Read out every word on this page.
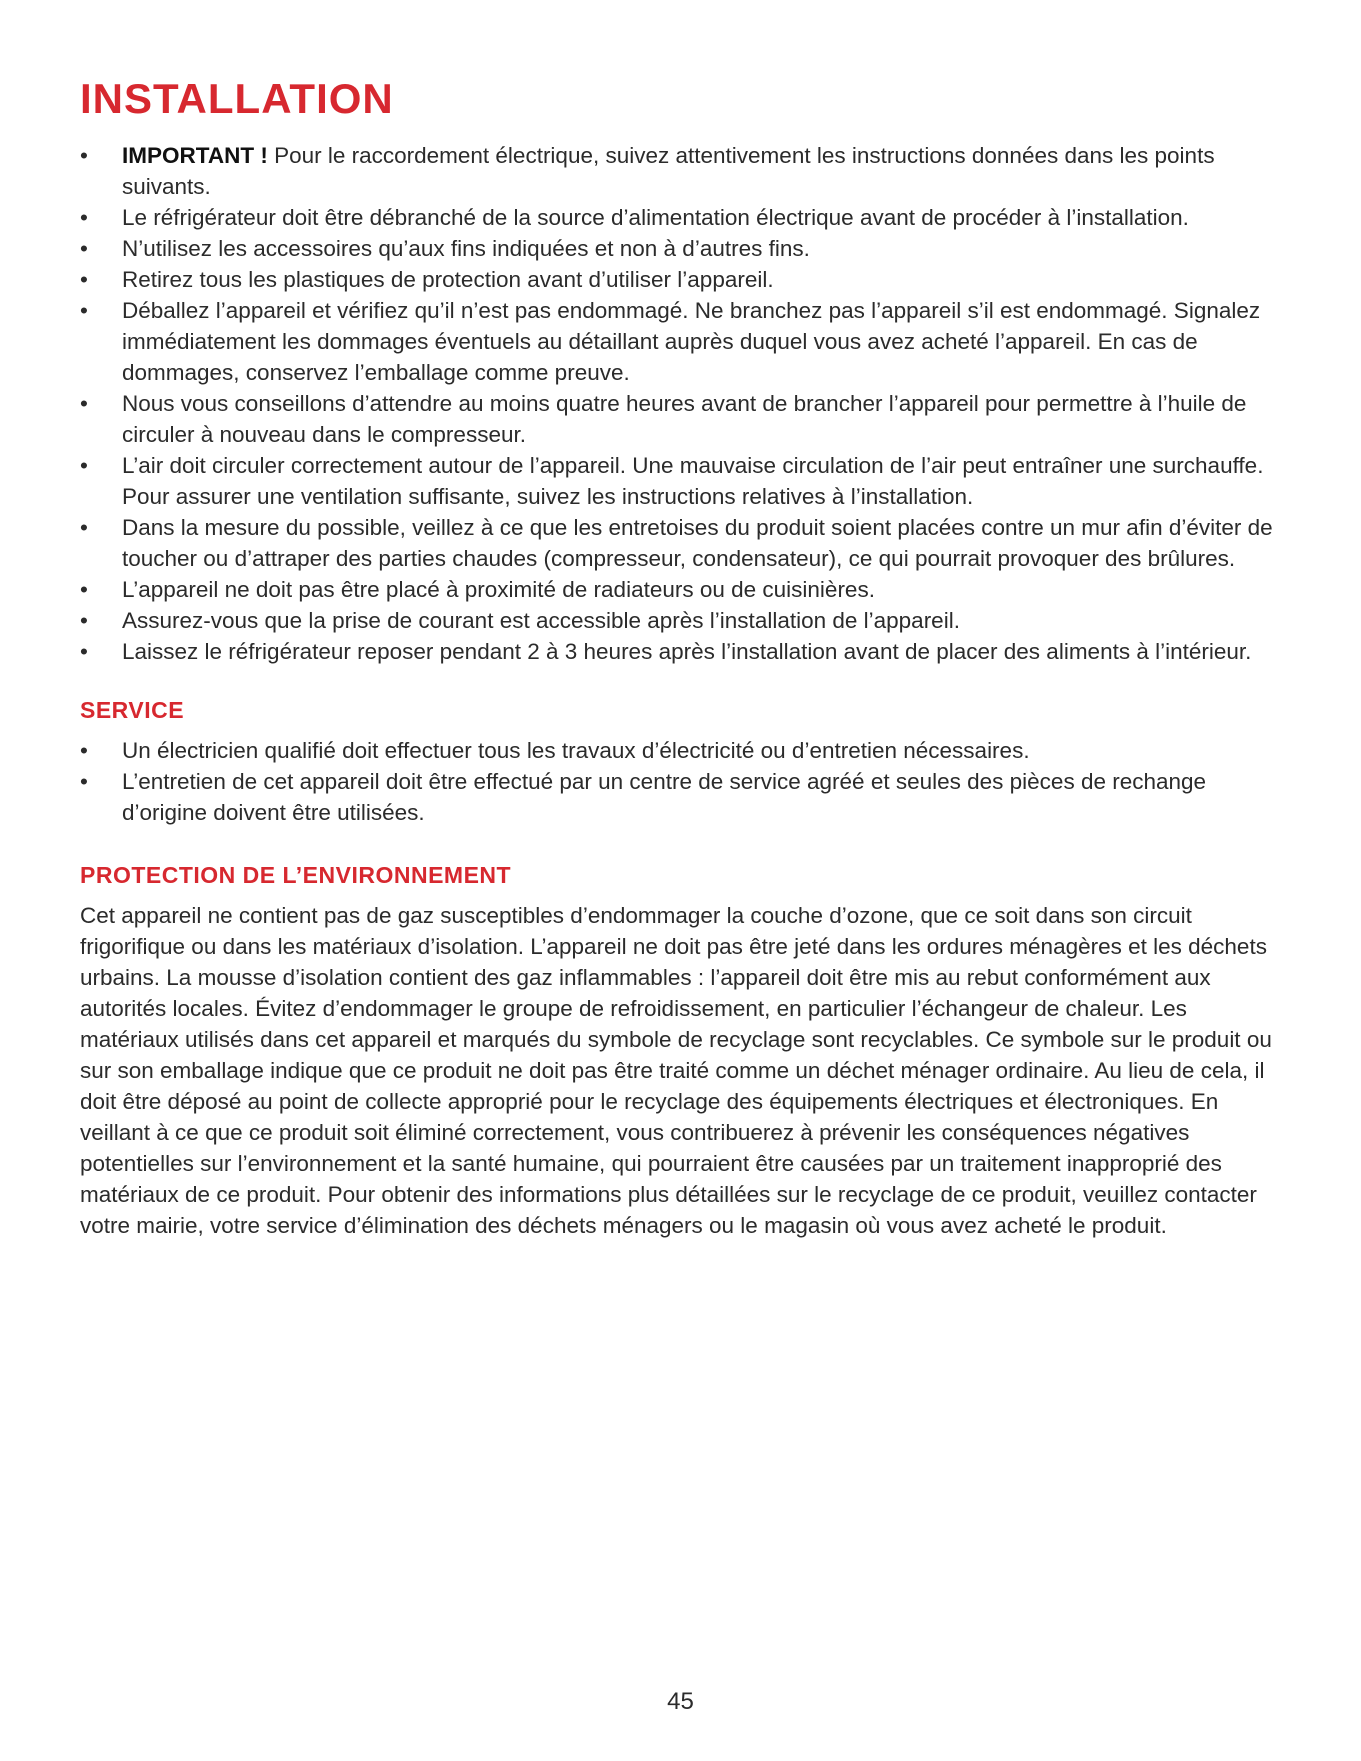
INSTALLATION
• IMPORTANT ! Pour le raccordement électrique, suivez attentivement les instructions données dans les points suivants.
• Le réfrigérateur doit être débranché de la source d’alimentation électrique avant de procéder à l’installation.
• N’utilisez les accessoires qu’aux fins indiquées et non à d’autres fins.
• Retirez tous les plastiques de protection avant d’utiliser l’appareil.
• Déballez l’appareil et vérifiez qu’il n’est pas endommagé. Ne branchez pas l’appareil s’il est endommagé. Signalez immédiatement les dommages éventuels au détaillant auprès duquel vous avez acheté l’appareil. En cas de dommages, conservez l’emballage comme preuve.
• Nous vous conseillons d’attendre au moins quatre heures avant de brancher l’appareil pour permettre à l’huile de circuler à nouveau dans le compresseur.
• L’air doit circuler correctement autour de l’appareil. Une mauvaise circulation de l’air peut entraîner une surchauffe. Pour assurer une ventilation suffisante, suivez les instructions relatives à l’installation.
• Dans la mesure du possible, veillez à ce que les entretoises du produit soient placées contre un mur afin d’éviter de toucher ou d’attraper des parties chaudes (compresseur, condensateur), ce qui pourrait provoquer des brûlures.
• L’appareil ne doit pas être placé à proximité de radiateurs ou de cuisinières.
• Assurez-vous que la prise de courant est accessible après l’installation de l’appareil.
• Laissez le réfrigérateur reposer pendant 2 à 3 heures après l’installation avant de placer des aliments à l’intérieur.
SERVICE
• Un électricien qualifié doit effectuer tous les travaux d’électricité ou d’entretien nécessaires.
• L’entretien de cet appareil doit être effectué par un centre de service agréé et seules des pièces de rechange d’origine doivent être utilisées.
PROTECTION DE L’ENVIRONNEMENT

Cet appareil ne contient pas de gaz susceptibles d’endommager la couche d’ozone, que ce soit dans son circuit frigorifique ou dans les matériaux d’isolation. L’appareil ne doit pas être jeté dans les ordures ménagères et les déchets urbains. La mousse d’isolation contient des gaz inflammables : l’appareil doit être mis au rebut conformément aux autorités locales. Évitez d’endommager le groupe de refroidissement, en particulier l’échangeur de chaleur. Les matériaux utilisés dans cet appareil et marqués du symbole de recyclage sont recyclables. Ce symbole sur le produit ou sur son emballage indique que ce produit ne doit pas être traité comme un déchet ménager ordinaire. Au lieu de cela, il doit être déposé au point de collecte approprié pour le recyclage des équipements électriques et électroniques. En veillant à ce que ce produit soit éliminé correctement, vous contribuerez à prévenir les conséquences négatives potentielles sur l’environnement et la santé humaine, qui pourraient être causées par un traitement inapproprié des matériaux de ce produit. Pour obtenir des informations plus détaillées sur le recyclage de ce produit, veuillez contacter votre mairie, votre service d’élimination des déchets ménagers ou le magasin où vous avez acheté le produit.

45
